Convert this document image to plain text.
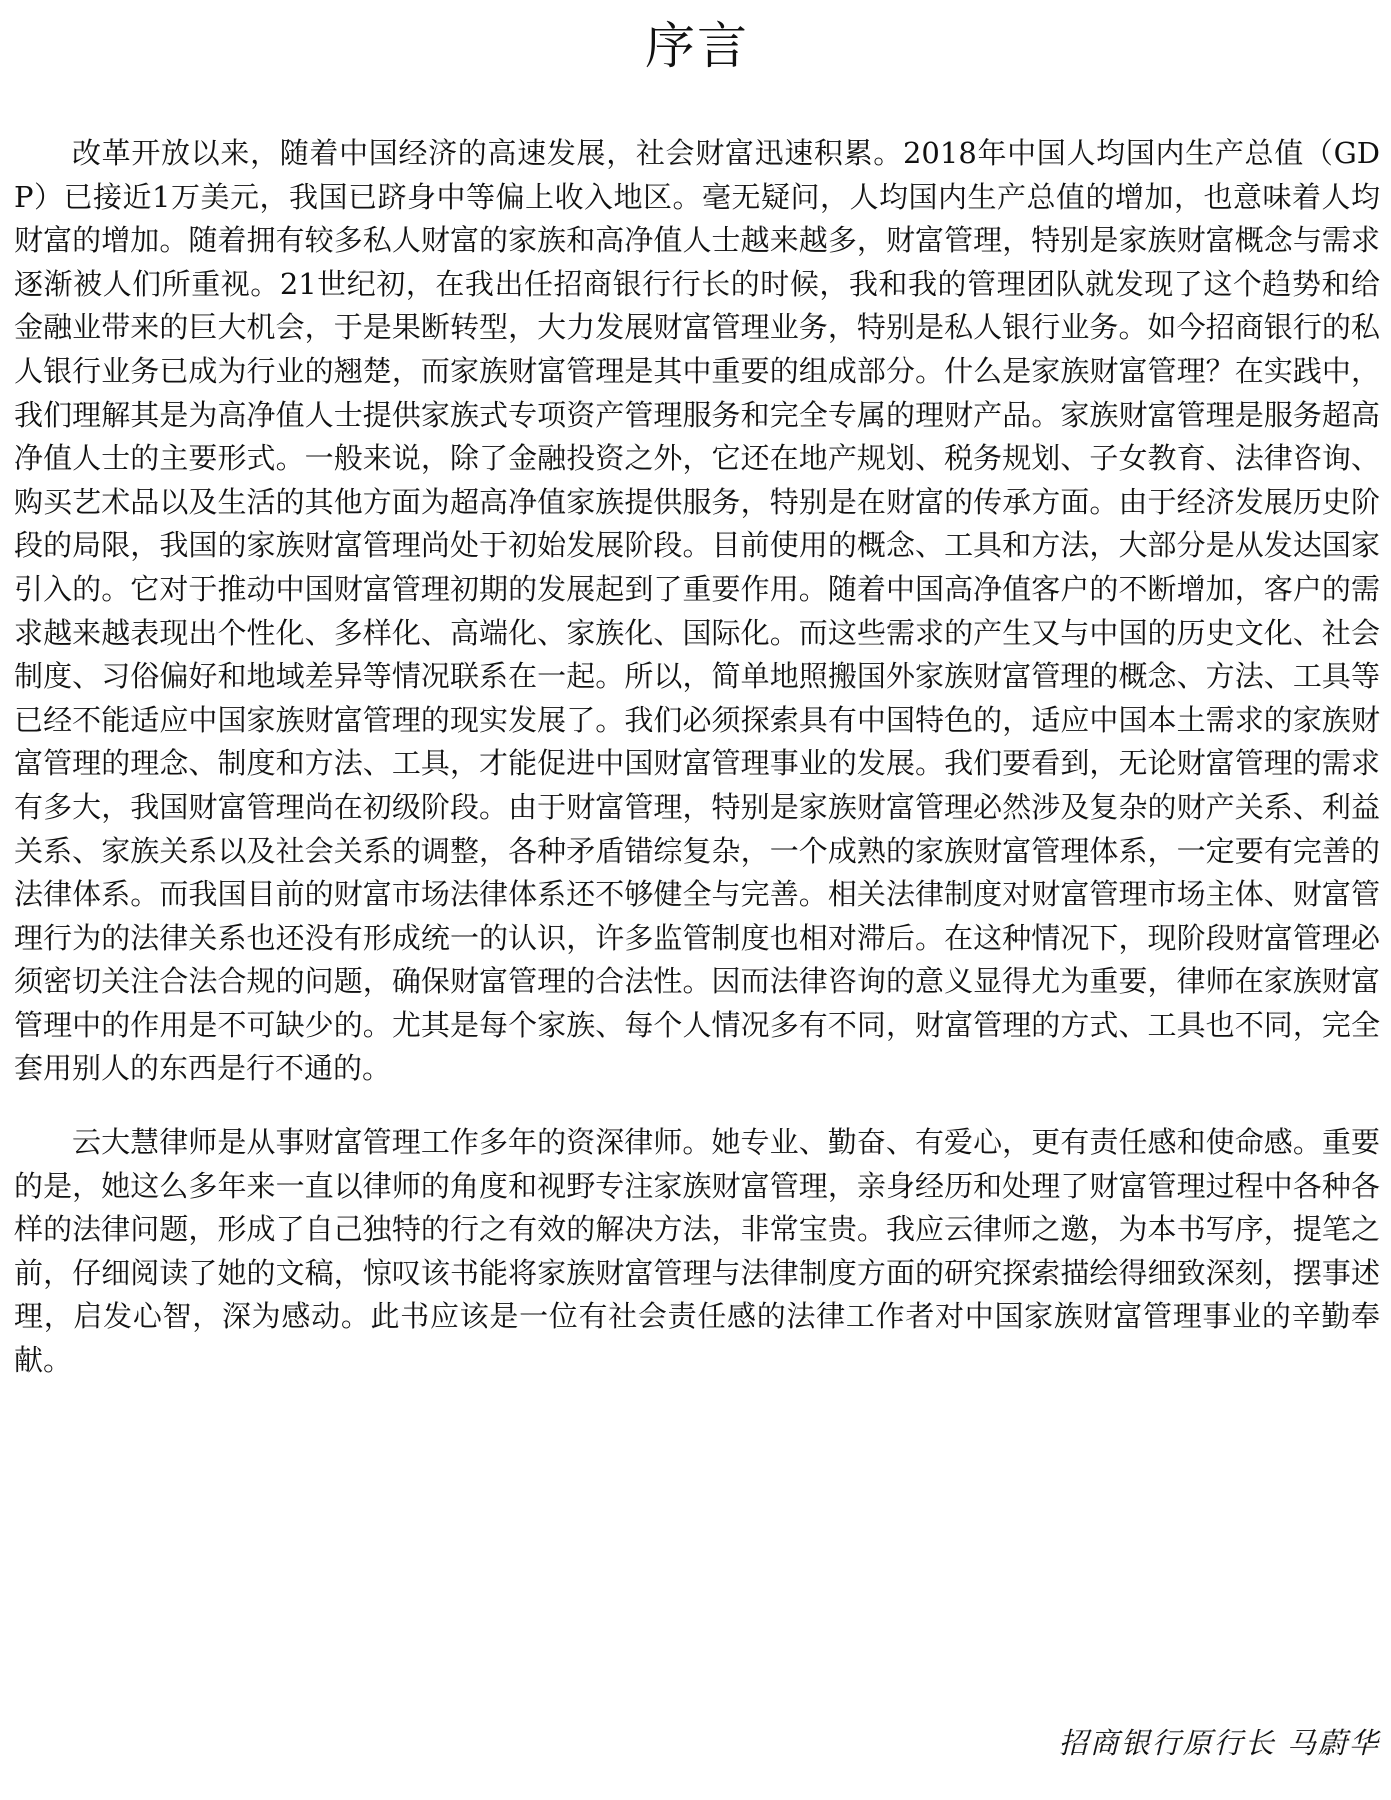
序言

改革开放以来，随着中国经济的高速发展，社会财富迅速积累。2018年中国人均国内生产总值（GDP）已接近1万美元，我国已跻身中等偏上收入地区。毫无疑问，人均国内生产总值的增加，也意味着人均财富的增加。随着拥有较多私人财富的家族和高净值人士越来越多，财富管理，特别是家族财富概念与需求逐渐被人们所重视。21世纪初，在我出任招商银行行长的时候，我和我的管理团队就发现了这个趋势和给金融业带来的巨大机会，于是果断转型，大力发展财富管理业务，特别是私人银行业务。如今招商银行的私人银行业务已成为行业的翘楚，而家族财富管理是其中重要的组成部分。什么是家族财富管理？在实践中，我们理解其是为高净值人士提供家族式专项资产管理服务和完全专属的理财产品。家族财富管理是服务超高净值人士的主要形式。一般来说，除了金融投资之外，它还在地产规划、税务规划、子女教育、法律咨询、购买艺术品以及生活的其他方面为超高净值家族提供服务，特别是在财富的传承方面。由于经济发展历史阶段的局限，我国的家族财富管理尚处于初始发展阶段。目前使用的概念、工具和方法，大部分是从发达国家引入的。它对于推动中国财富管理初期的发展起到了重要作用。随着中国高净值客户的不断增加，客户的需求越来越表现出个性化、多样化、高端化、家族化、国际化。而这些需求的产生又与中国的历史文化、社会制度、习俗偏好和地域差异等情况联系在一起。所以，简单地照搬国外家族财富管理的概念、方法、工具等已经不能适应中国家族财富管理的现实发展了。我们必须探索具有中国特色的，适应中国本土需求的家族财富管理的理念、制度和方法、工具，才能促进中国财富管理事业的发展。我们要看到，无论财富管理的需求有多大，我国财富管理尚在初级阶段。由于财富管理，特别是家族财富管理必然涉及复杂的财产关系、利益关系、家族关系以及社会关系的调整，各种矛盾错综复杂，一个成熟的家族财富管理体系，一定要有完善的法律体系。而我国目前的财富市场法律体系还不够健全与完善。相关法律制度对财富管理市场主体、财富管理行为的法律关系也还没有形成统一的认识，许多监管制度也相对滞后。在这种情况下，现阶段财富管理必须密切关注合法合规的问题，确保财富管理的合法性。因而法律咨询的意义显得尤为重要，律师在家族财富管理中的作用是不可缺少的。尤其是每个家族、每个人情况多有不同，财富管理的方式、工具也不同，完全套用别人的东西是行不通的。

云大慧律师是从事财富管理工作多年的资深律师。她专业、勤奋、有爱心，更有责任感和使命感。重要的是，她这么多年来一直以律师的角度和视野专注家族财富管理，亲身经历和处理了财富管理过程中各种各样的法律问题，形成了自己独特的行之有效的解决方法，非常宝贵。我应云律师之邀，为本书写序，提笔之前，仔细阅读了她的文稿，惊叹该书能将家族财富管理与法律制度方面的研究探索描绘得细致深刻，摆事述理，启发心智，深为感动。此书应该是一位有社会责任感的法律工作者对中国家族财富管理事业的辛勤奉献。

招商银行原行长 马蔚华
